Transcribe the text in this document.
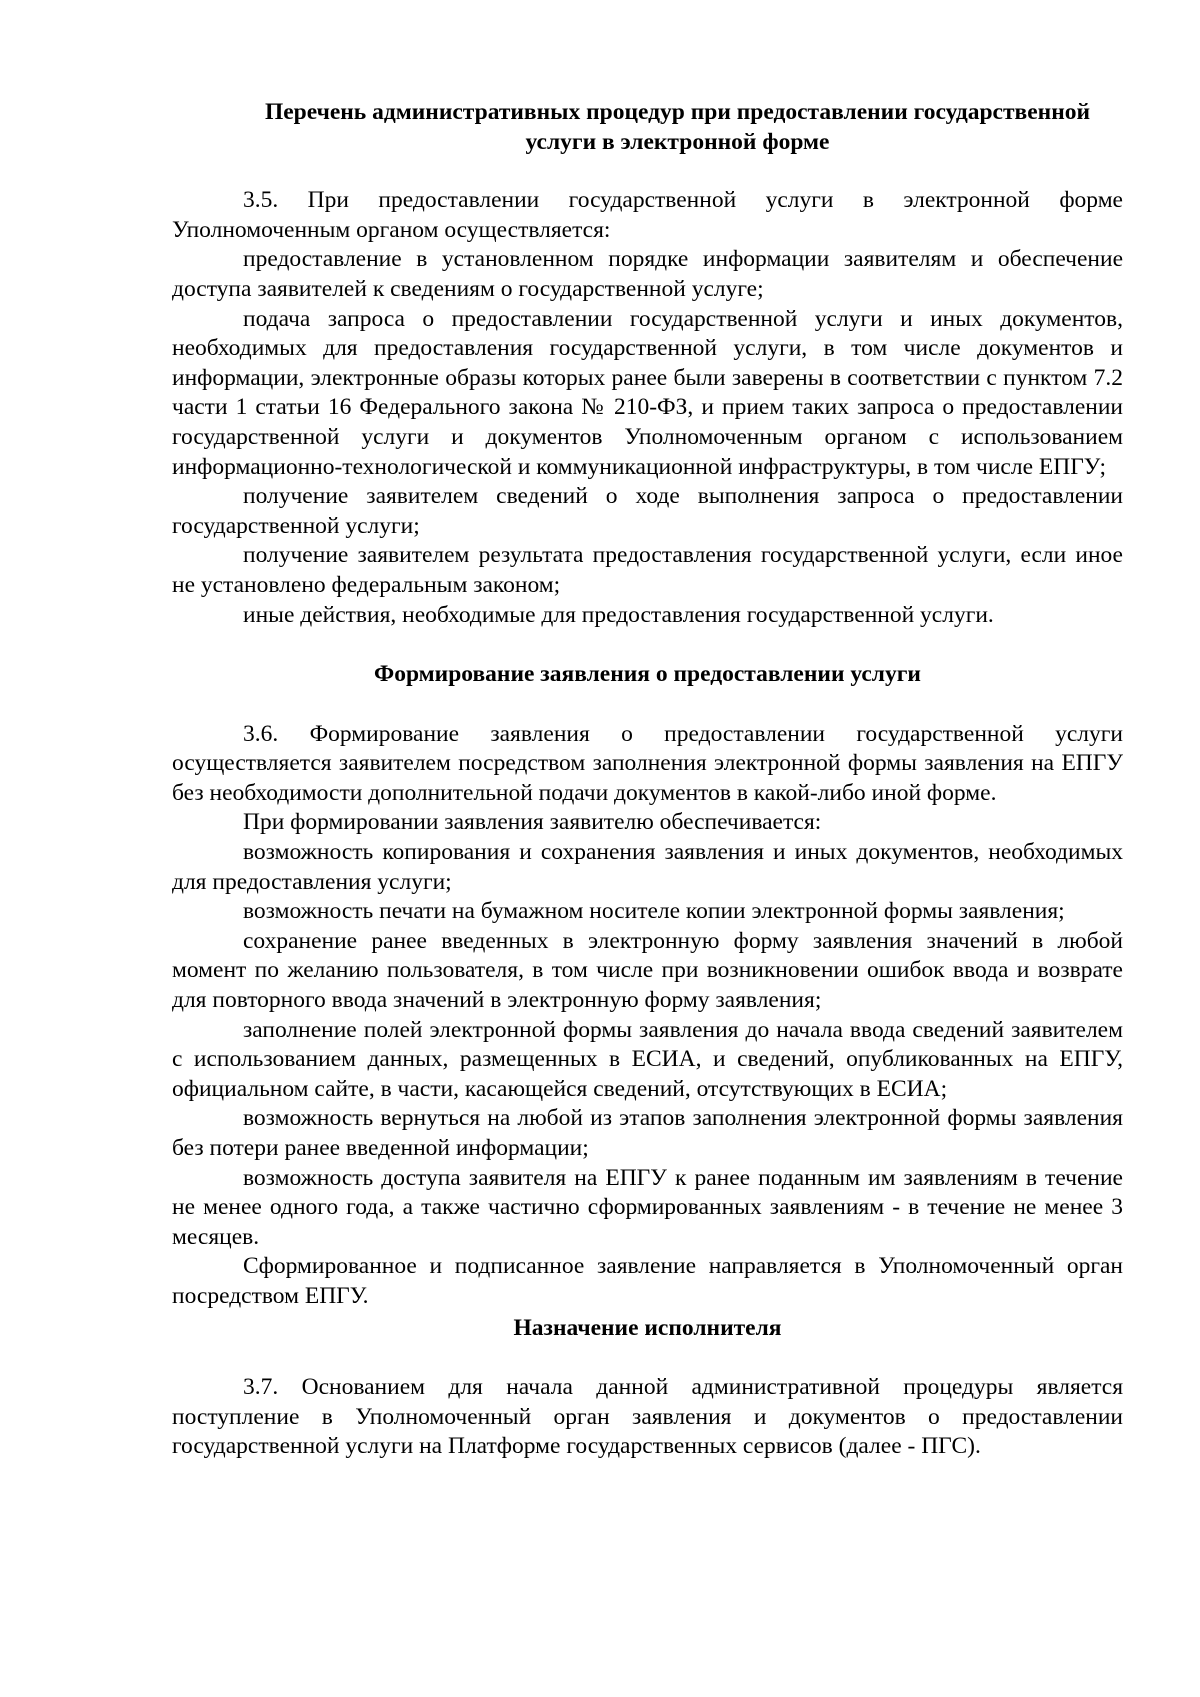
Перечень административных процедур при предоставлении государственной услуги в электронной форме

3.5. При предоставлении государственной услуги в электронной форме Уполномоченным органом осуществляется:

предоставление в установленном порядке информации заявителям и обеспечение доступа заявителей к сведениям о государственной услуге;

подача запроса о предоставлении государственной услуги и иных документов, необходимых для предоставления государственной услуги, в том числе документов и информации, электронные образы которых ранее были заверены в соответствии с пунктом 7.2 части 1 статьи 16 Федерального закона № 210-ФЗ, и прием таких запроса о предоставлении государственной услуги и документов Уполномоченным органом с использованием информационно-технологической и коммуникационной инфраструктуры, в том числе ЕПГУ;

получение заявителем сведений о ходе выполнения запроса о предоставлении государственной услуги;

получение заявителем результата предоставления государственной услуги, если иное не установлено федеральным законом;

иные действия, необходимые для предоставления государственной услуги.

Формирование заявления о предоставлении услуги

3.6. Формирование заявления о предоставлении государственной услуги осуществляется заявителем посредством заполнения электронной формы заявления на ЕПГУ без необходимости дополнительной подачи документов в какой-либо иной форме.

При формировании заявления заявителю обеспечивается:

возможность копирования и сохранения заявления и иных документов, необходимых для предоставления услуги;

возможность печати на бумажном носителе копии электронной формы заявления;

сохранение ранее введенных в электронную форму заявления значений в любой момент по желанию пользователя, в том числе при возникновении ошибок ввода и возврате для повторного ввода значений в электронную форму заявления;

заполнение полей электронной формы заявления до начала ввода сведений заявителем с использованием данных, размещенных в ЕСИА, и сведений, опубликованных на ЕПГУ, официальном сайте, в части, касающейся сведений, отсутствующих в ЕСИА;

возможность вернуться на любой из этапов заполнения электронной формы заявления без потери ранее введенной информации;

возможность доступа заявителя на ЕПГУ к ранее поданным им заявлениям в течение не менее одного года, а также частично сформированных заявлениям - в течение не менее 3 месяцев.

Сформированное и подписанное заявление направляется в Уполномоченный орган посредством ЕПГУ.

Назначение исполнителя

3.7. Основанием для начала данной административной процедуры является поступление в Уполномоченный орган заявления и документов о предоставлении государственной услуги на Платформе государственных сервисов (далее - ПГС).
